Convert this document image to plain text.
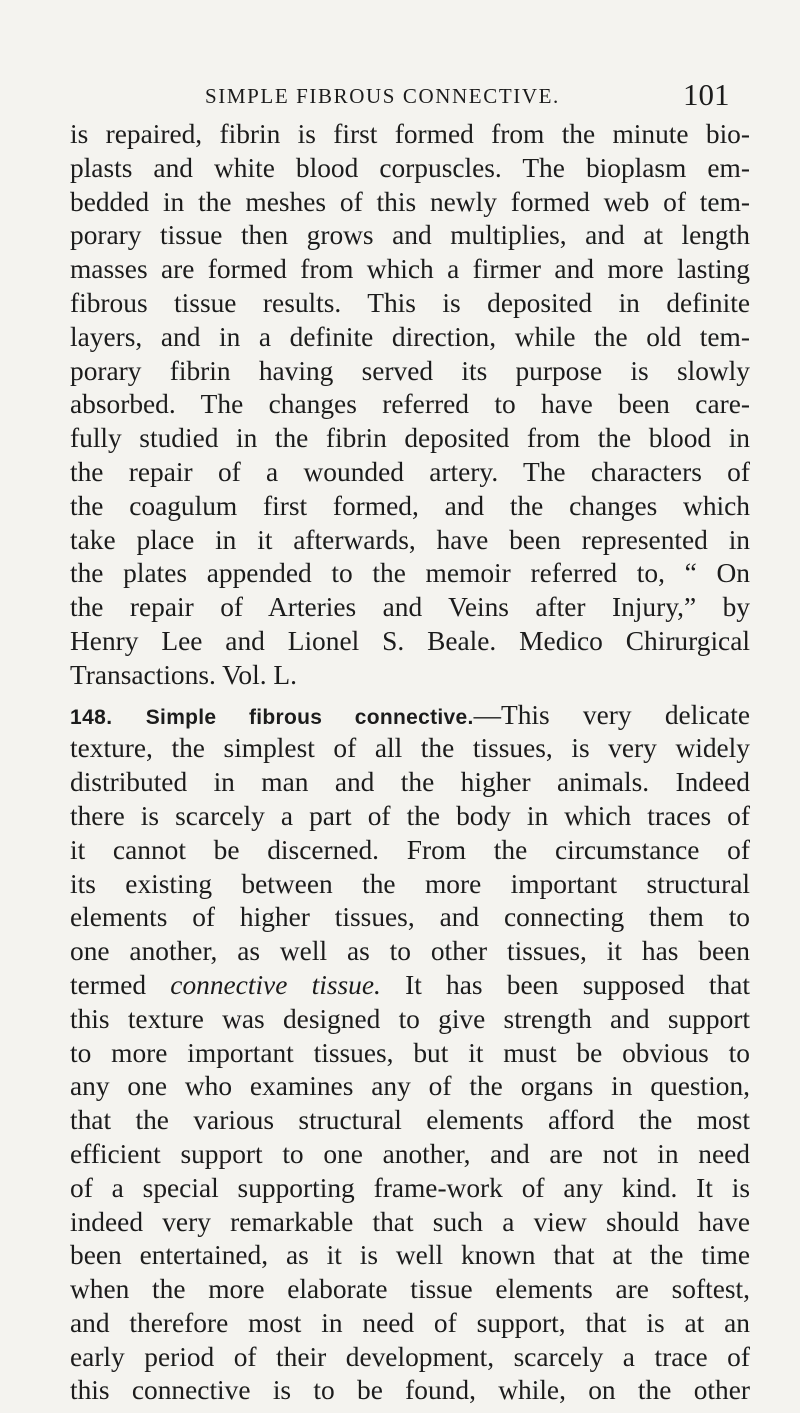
SIMPLE FIBROUS CONNECTIVE.	101
is repaired, fibrin is first formed from the minute bio-
plasts and white blood corpuscles. The bioplasm em-
bedded in the meshes of this newly formed web of tem-
porary tissue then grows and multiplies, and at length
masses are formed from which a firmer and more lasting
fibrous tissue results. This is deposited in definite
layers, and in a definite direction, while the old tem-
porary fibrin having served its purpose is slowly
absorbed. The changes referred to have been care-
fully studied in the fibrin deposited from the blood in
the repair of a wounded artery. The characters of
the coagulum first formed, and the changes which
take place in it afterwards, have been represented in
the plates appended to the memoir referred to, “ On
the repair of Arteries and Veins after Injury,” by
Henry Lee and Lionel S. Beale. Medico Chirurgical
Transactions. Vol. L.
148. Simple fibrous connective.—This very delicate
texture, the simplest of all the tissues, is very widely
distributed in man and the higher animals. Indeed
there is scarcely a part of the body in which traces of
it cannot be discerned. From the circumstance of
its existing between the more important structural
elements of higher tissues, and connecting them to
one another, as well as to other tissues, it has been
termed connective tissue. It has been supposed that
this texture was designed to give strength and support
to more important tissues, but it must be obvious to
any one who examines any of the organs in question,
that the various structural elements afford the most
efficient support to one another, and are not in need
of a special supporting frame-work of any kind. It is
indeed very remarkable that such a view should have
been entertained, as it is well known that at the time
when the more elaborate tissue elements are softest,
and therefore most in need of support, that is at an
early period of their development, scarcely a trace of
this connective is to be found, while, on the other
